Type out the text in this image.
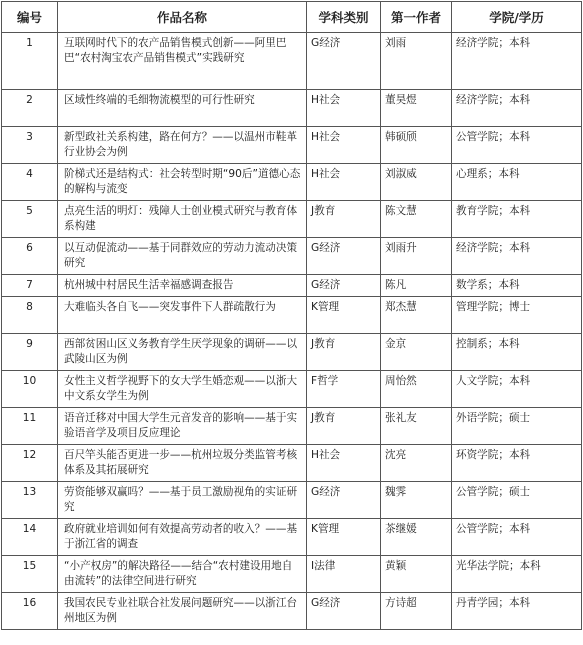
编号	作品名称	学科类别	第一作者	学院/学历
1	互联网时代下的农产品销售模式创新——阿里巴巴“农村淘宝农产品销售模式”实践研究	G经济	刘雨	经济学院；本科
2	区域性终端的毛细物流模型的可行性研究	H社会	董昊煜	经济学院；本科
3	新型政社关系构建，路在何方？——以温州市鞋革行业协会为例	H社会	韩硕颀	公管学院；本科
4	阶梯式还是结构式：社会转型时期“90后”道德心态的解构与流变	H社会	刘淑威	心理系；本科
5	点亮生活的明灯：残障人士创业模式研究与教育体系构建	J教育	陈文慧	教育学院；本科
6	以互动促流动——基于同群效应的劳动力流动决策研究	G经济	刘雨升	经济学院；本科
7	杭州城中村居民生活幸福感调查报告	G经济	陈凡	数学系；本科
8	大难临头各自飞——突发事件下人群疏散行为	K管理	郑杰慧	管理学院；博士
9	西部贫困山区义务教育学生厌学现象的调研——以武陵山区为例	J教育	金京	控制系；本科
10	女性主义哲学视野下的女大学生婚恋观——以浙大中文系女学生为例	F哲学	周怡然	人文学院；本科
11	语音迁移对中国大学生元音发音的影响——基于实验语音学及项目反应理论	J教育	张礼友	外语学院；硕士
12	百尺竿头能否更进一步——杭州垃圾分类监管考核体系及其拓展研究	H社会	沈亮	环资学院；本科
13	劳资能够双赢吗？——基于员工激励视角的实证研究	G经济	魏霁	公管学院；硕士
14	政府就业培训如何有效提高劳动者的收入？——基于浙江省的调查	K管理	茶继媛	公管学院；本科
15	“小产权房”的解决路径——结合“农村建设用地自由流转”的法律空间进行研究	I法律	黄颖	光华法学院；本科
16	我国农民专业社联合社发展问题研究——以浙江台州地区为例	G经济	方诗超	丹青学园；本科
